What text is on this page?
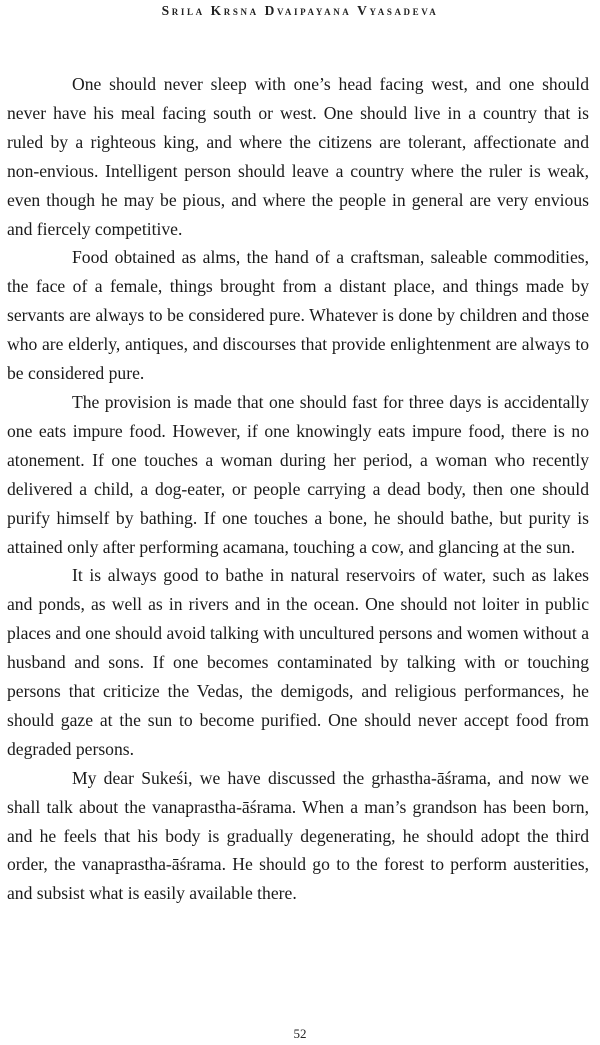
Srila Krsna Dvaipayana Vyasadeva

One should never sleep with one’s head facing west, and one should never have his meal facing south or west. One should live in a country that is ruled by a righteous king, and where the citizens are tolerant, affectionate and non-envious. Intelligent person should leave a country where the ruler is weak, even though he may be pious, and where the people in general are very envious and fiercely competitive.

Food obtained as alms, the hand of a craftsman, saleable commodities, the face of a female, things brought from a distant place, and things made by servants are always to be considered pure. Whatever is done by children and those who are elderly, antiques, and discourses that provide enlightenment are always to be considered pure.

The provision is made that one should fast for three days is accidentally one eats impure food. However, if one knowingly eats impure food, there is no atonement. If one touches a woman during her period, a woman who recently delivered a child, a dog-eater, or people carrying a dead body, then one should purify himself by bathing. If one touches a bone, he should bathe, but purity is attained only after performing acamana, touching a cow, and glancing at the sun.

It is always good to bathe in natural reservoirs of water, such as lakes and ponds, as well as in rivers and in the ocean. One should not loiter in public places and one should avoid talking with uncultured persons and women without a husband and sons. If one becomes contaminated by talking with or touching persons that criticize the Vedas, the demigods, and religious performances, he should gaze at the sun to become purified. One should never accept food from degraded persons.

My dear Sukeśi, we have discussed the grhastha-āśrama, and now we shall talk about the vanaprastha-āśrama. When a man’s grandson has been born, and he feels that his body is gradually degenerating, he should adopt the third order, the vanaprastha-āśrama. He should go to the forest to perform austerities, and subsist what is easily available there.

52
